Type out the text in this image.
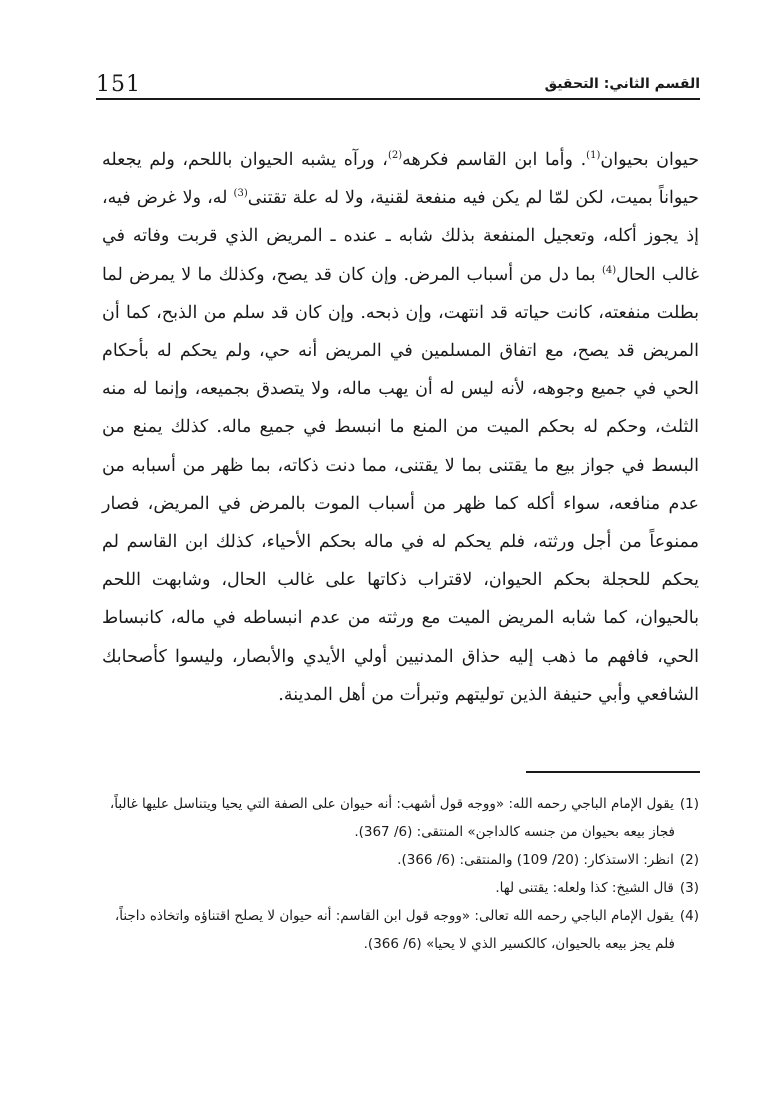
151	القسم الثاني: التحقيق

حيوان بحيوان$^{(1)}$. وأما ابن القاسم فكرهه$^{(2)}$، ورآه يشبه الحيوان باللحم، ولم يجعله حيواناً بميت، لكن لمّا لم يكن فيه منفعة لقنية، ولا له علة تقتنى$^{(3)}$ له، ولا غرض فيه، إذ يجوز أكله، وتعجيل المنفعة بذلك شابه ـ عنده ـ المريض الذي قربت وفاته في غالب الحال$^{(4)}$ بما دل من أسباب المرض. وإن كان قد يصح، وكذلك ما لا يمرض لما بطلت منفعته، كانت حياته قد انتهت، وإن ذبحه. وإن كان قد سلم من الذبح، كما أن المريض قد يصح، مع اتفاق المسلمين في المريض أنه حي، ولم يحكم له بأحكام الحي في جميع وجوهه، لأنه ليس له أن يهب ماله، ولا يتصدق بجميعه، وإنما له منه الثلث، وحكم له بحكم الميت من المنع ما انبسط في جميع ماله. كذلك يمنع من البسط في جواز بيع ما يقتنى بما لا يقتنى، مما دنت ذكاته، بما ظهر من أسبابه من عدم منافعه، سواء أكله كما ظهر من أسباب الموت بالمرض في المريض، فصار ممنوعاً من أجل ورثته، فلم يحكم له في ماله بحكم الأحياء، كذلك ابن القاسم لم يحكم للحجلة بحكم الحيوان، لاقتراب ذكاتها على غالب الحال، وشابهت اللحم بالحيوان، كما شابه المريض الميت مع ورثته من عدم انبساطه في ماله، كانبساط الحي، فافهم ما ذهب إليه حذاق المدنيين أولي الأيدي والأبصار، وليسوا كأصحابك الشافعي وأبي حنيفة الذين توليتهم وتبرأت من أهل المدينة.

(1)يقول الإمام الباجي رحمه الله: «ووجه قول أشهب: أنه حيوان على الصفة التي يحيا ويتناسل عليها غالباً،
فجاز بيعه بحيوان من جنسه كالداجن» المنتقى: (6/ 367).

(2)انظر: الاستذكار: (20/ 109) والمنتقى: (6/ 366).

(3)قال الشيخ: كذا ولعله: يقتنى لها.

(4)يقول الإمام الباجي رحمه الله تعالى: «ووجه قول ابن القاسم: أنه حيوان لا يصلح اقتناؤه واتخاذه داجناً،
فلم يجز بيعه بالحيوان، كالكسير الذي لا يحيا» (6/ 366).
